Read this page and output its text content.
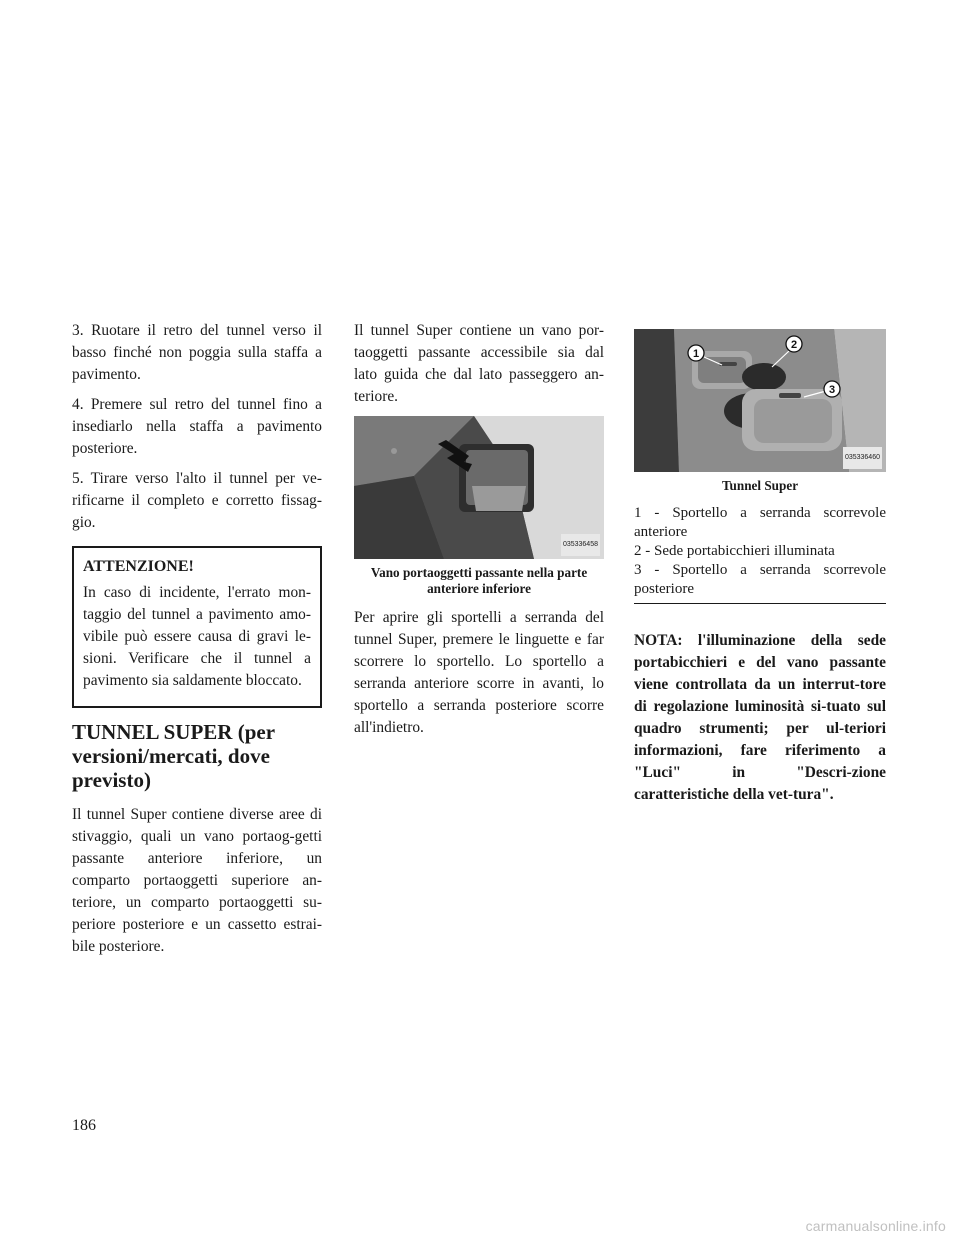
3. Ruotare il retro del tunnel verso il basso finché non poggia sulla staffa a pavimento.

4. Premere sul retro del tunnel fino a insediarlo nella staffa a pavimento posteriore.

5. Tirare verso l'alto il tunnel per ve-rificarne il completo e corretto fissag-gio.

ATTENZIONE!

In caso di incidente, l'errato mon-taggio del tunnel a pavimento amo-vibile può essere causa di gravi le-sioni. Verificare che il tunnel a pavimento sia saldamente bloccato.

TUNNEL SUPER (per versioni/mercati, dove previsto)

Il tunnel Super contiene diverse aree di stivaggio, quali un vano portaog-getti passante anteriore inferiore, un comparto portaoggetti superiore an-teriore, un comparto portaoggetti su-periore posteriore e un cassetto estrai-bile posteriore.

Il tunnel Super contiene un vano por-taoggetti passante accessibile sia dal lato guida che dal lato passeggero an-teriore.

035336458
Vano portaoggetti passante nella parte anteriore inferiore

Per aprire gli sportelli a serranda del tunnel Super, premere le linguette e far scorrere lo sportello. Lo sportello a serranda anteriore scorre in avanti, lo sportello a serranda posteriore scorre all'indietro.

1
2
3
035336460
Tunnel Super

1 - Sportello a serranda scorrevole anteriore

2 - Sede portabicchieri illuminata

3 - Sportello a serranda scorrevole posteriore

NOTA: l'illuminazione della sede portabicchieri e del vano passante viene controllata da un interrut-tore di regolazione luminosità si-tuato sul quadro strumenti; per ul-teriori informazioni, fare riferimento a "Luci" in "Descri-zione caratteristiche della vet-tura".

186
carmanualsonline.info
